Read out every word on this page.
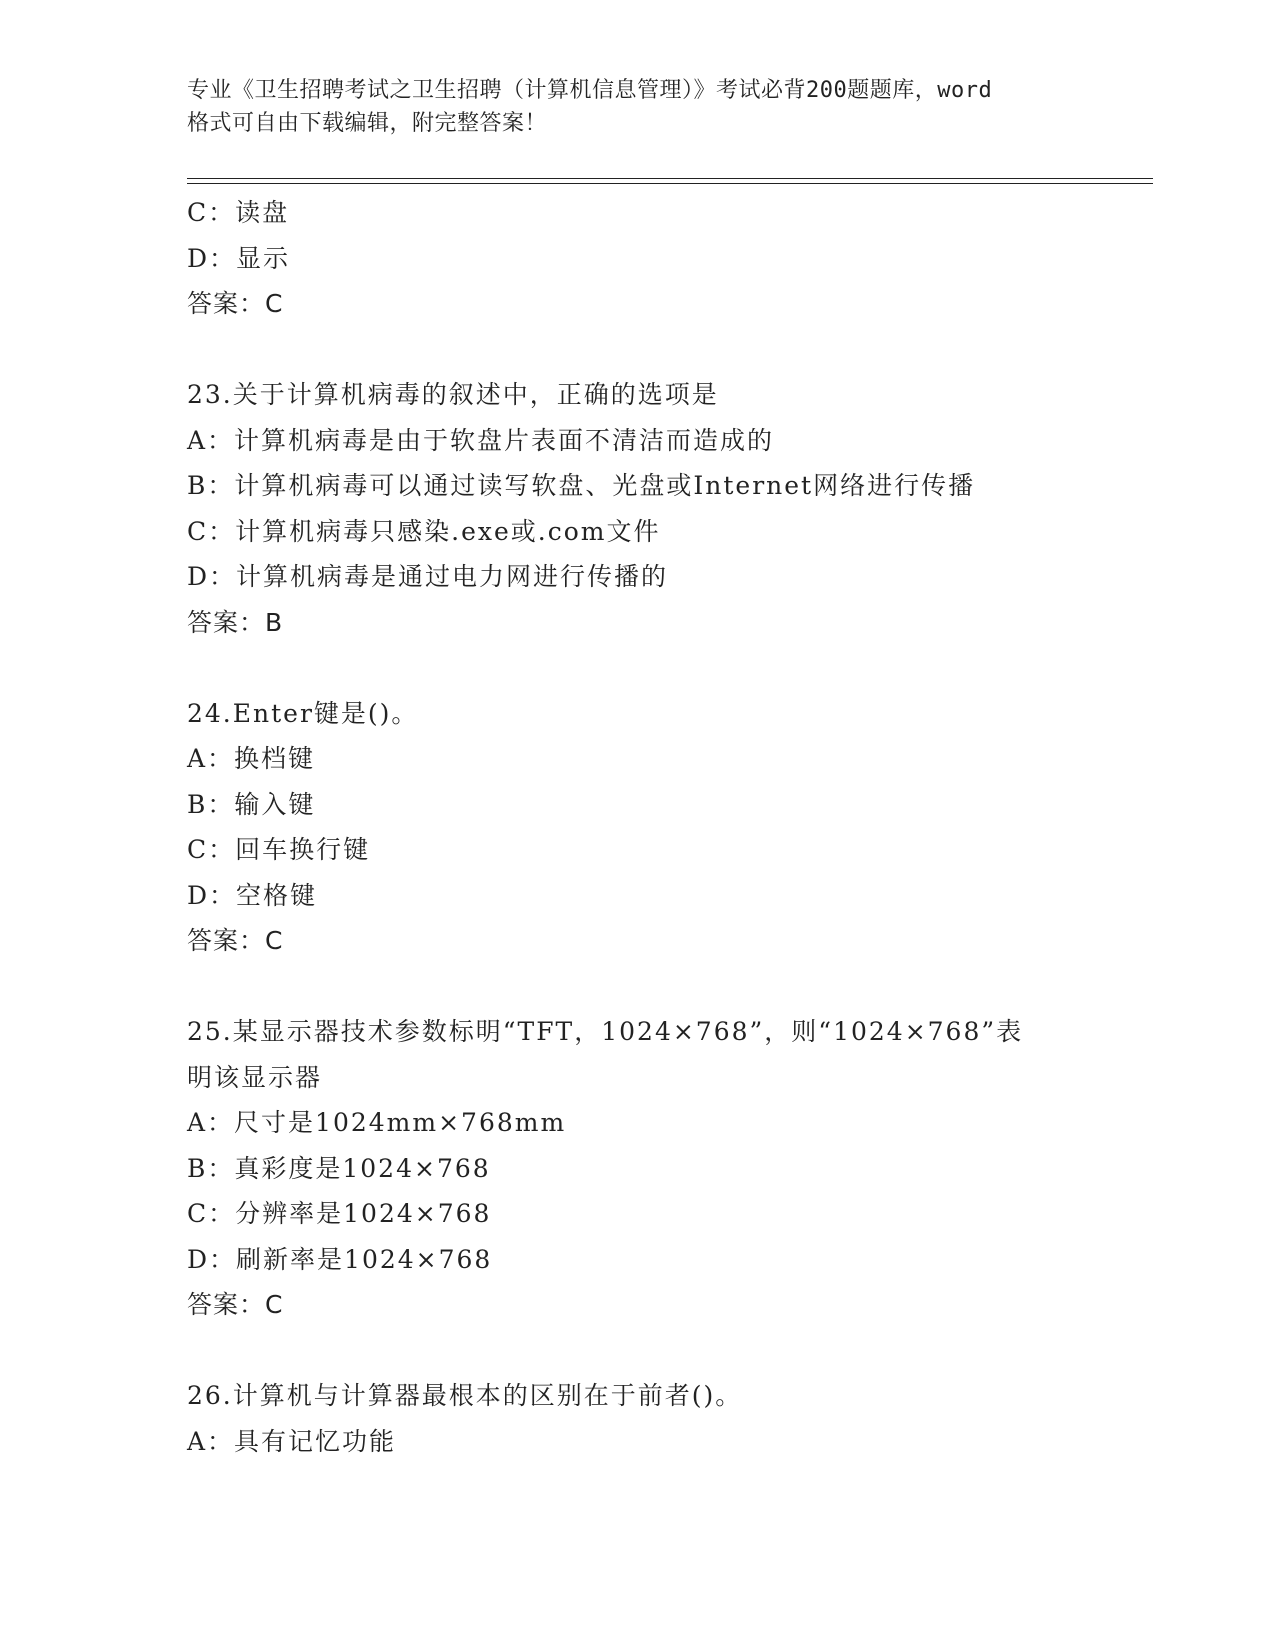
专业《卫生招聘考试之卫生招聘（计算机信息管理）》考试必背200题题库，word
格式可自由下载编辑，附完整答案！
C：读盘
D：显示
答案：C
23.关于计算机病毒的叙述中，正确的选项是
A：计算机病毒是由于软盘片表面不清洁而造成的
B：计算机病毒可以通过读写软盘、光盘或Internet网络进行传播
C：计算机病毒只感染.exe或.com文件
D：计算机病毒是通过电力网进行传播的
答案：B
24.Enter键是()。
A：换档键
B：输入键
C：回车换行键
D：空格键
答案：C
25.某显示器技术参数标明“TFT，1024×768”，则“1024×768”表
明该显示器
A：尺寸是1024mm×768mm
B：真彩度是1024×768
C：分辨率是1024×768
D：刷新率是1024×768
答案：C
26.计算机与计算器最根本的区别在于前者()。
A：具有记忆功能
